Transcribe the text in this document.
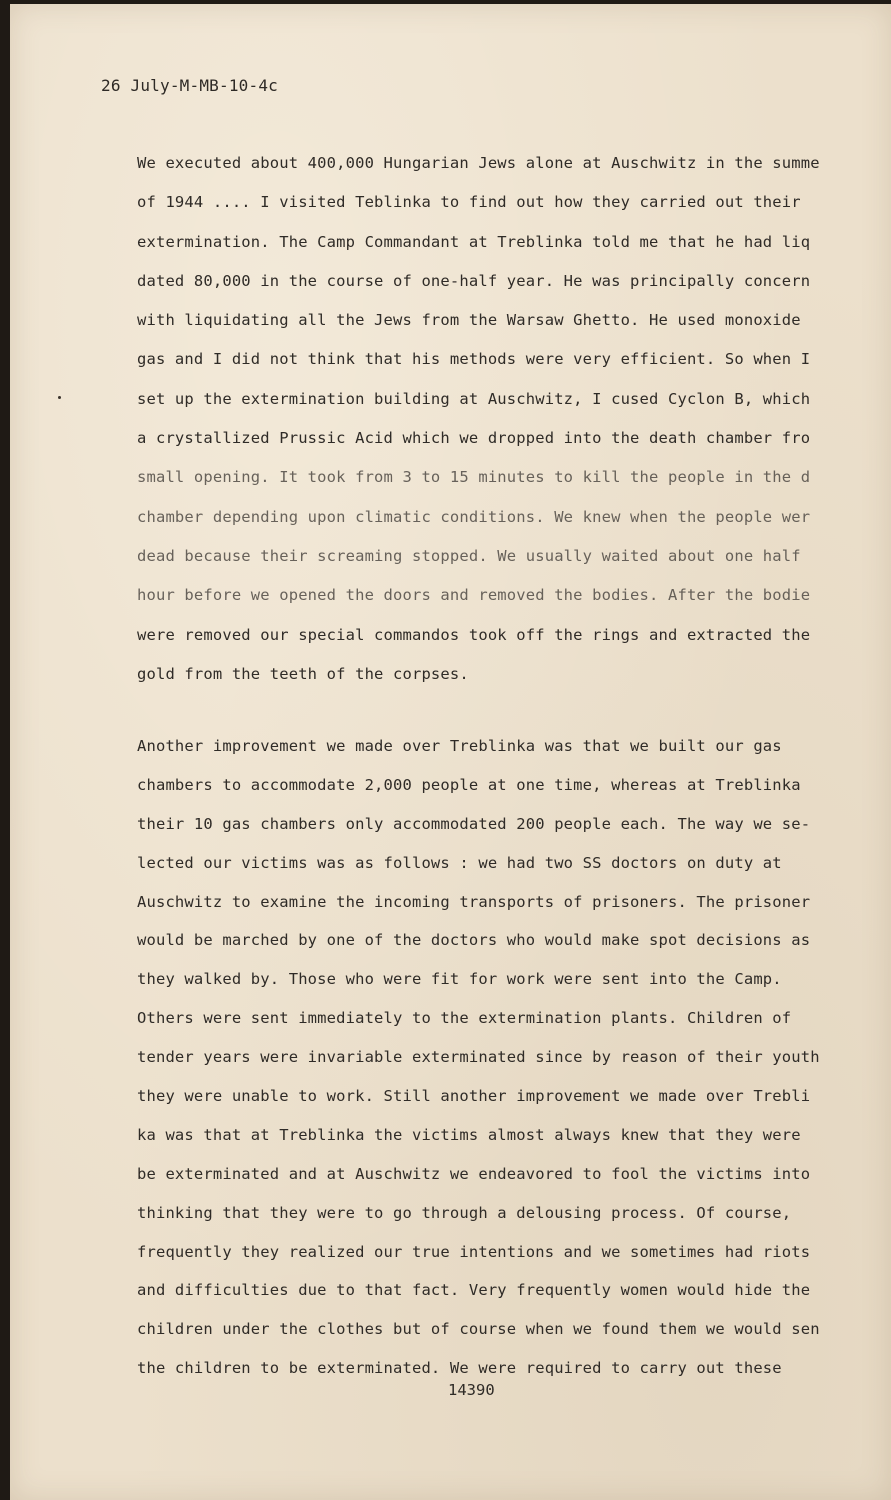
26 July-M-MB-10-4c
We executed about 400,000 Hungarian Jews alone at Auschwitz in the summe
of 1944 .... I visited Teblinka to find out how they carried out their
extermination. The Camp Commandant at Treblinka told me that he had liq
dated 80,000 in the course of one-half year. He was principally concern
with liquidating all the Jews from the Warsaw Ghetto. He used monoxide
gas and I did not think that his methods were very efficient. So when I
set up the extermination building at Auschwitz, I cused Cyclon B, which
a crystallized Prussic Acid which we dropped into the death chamber fro
small opening. It took from 3 to 15 minutes to kill the people in the d
chamber depending upon climatic conditions. We knew when the people wer
dead because their screaming stopped. We usually waited about one half
hour before we opened the doors and removed the bodies. After the bodie
were removed our special commandos took off the rings and extracted the
gold from the teeth of the corpses.
Another improvement we made over Treblinka was that we built our gas
chambers to accommodate 2,000 people at one time, whereas at Treblinka
their 10 gas chambers only accommodated 200 people each. The way we se-
lected our victims was as follows : we had two SS doctors on duty at
Auschwitz to examine the incoming transports of prisoners. The prisoner
would be marched by one of the doctors who would make spot decisions as
they walked by. Those who were fit for work were sent into the Camp.
Others were sent immediately to the extermination plants. Children of
tender years were invariable exterminated since by reason of their youth
they were unable to work. Still another improvement we made over Trebli
ka was that at Treblinka the victims almost always knew that they were
be exterminated and at Auschwitz we endeavored to fool the victims into
thinking that they were to go through a delousing process. Of course,
frequently they realized our true intentions and we sometimes had riots
and difficulties due to that fact. Very frequently women would hide the
children under the clothes but of course when we found them we would sen
the children to be exterminated. We were required to carry out these
14390
